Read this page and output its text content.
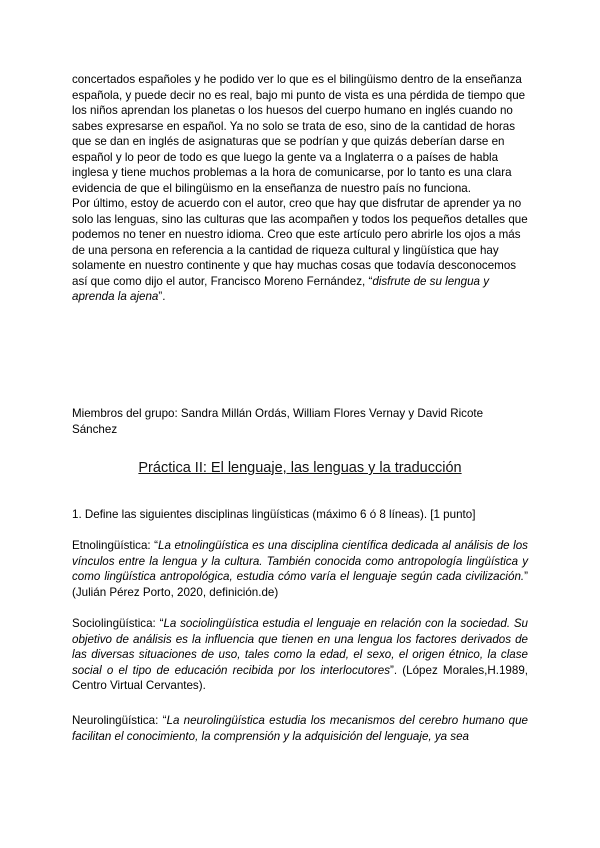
concertados españoles y he podido ver lo que es el bilingüismo dentro de la enseñanza española, y puede decir no es real, bajo mi punto de vista es una pérdida de tiempo que los niños aprendan los planetas o los huesos del cuerpo humano en inglés cuando no sabes expresarse en español. Ya no solo se trata de eso, sino de la cantidad de horas que se dan en inglés de asignaturas que se podrían y que quizás deberían darse en español y lo peor de todo es que luego la gente va a Inglaterra o a países de habla inglesa y tiene muchos problemas a la hora de comunicarse, por lo tanto es una clara evidencia de que el bilingüismo en la enseñanza de nuestro país no funciona.

Por último, estoy de acuerdo con el autor, creo que hay que disfrutar de aprender ya no solo las lenguas, sino las culturas que las acompañen y todos los pequeños detalles que podemos no tener en nuestro idioma. Creo que este artículo pero abrirle los ojos a más de una persona en referencia a la cantidad de riqueza cultural y lingüística que hay solamente en nuestro continente y que hay muchas cosas que todavía desconocemos así que como dijo el autor, Francisco Moreno Fernández, “disfrute de su lengua y aprenda la ajena”.

Miembros del grupo: Sandra Millán Ordás, William Flores Vernay y David Ricote Sánchez
Práctica II: El lenguaje, las lenguas y la traducción
1. Define las siguientes disciplinas lingüísticas (máximo 6 ó 8 líneas). [1 punto]
Etnolingüística: “La etnolingüística es una disciplina científica dedicada al análisis de los vínculos entre la lengua y la cultura. También conocida como antropología lingüística y como lingüística antropológica, estudia cómo varía el lenguaje según cada civilización.” (Julián Pérez Porto, 2020, definición.de)
Sociolingüística: “La sociolingüística estudia el lenguaje en relación con la sociedad. Su objetivo de análisis es la influencia que tienen en una lengua los factores derivados de las diversas situaciones de uso, tales como la edad, el sexo, el origen étnico, la clase social o el tipo de educación recibida por los interlocutores”. (López Morales,H.1989, Centro Virtual Cervantes).
Neurolingüística: “La neurolingüística estudia los mecanismos del cerebro humano que facilitan el conocimiento, la comprensión y la adquisición del lenguaje, ya sea
